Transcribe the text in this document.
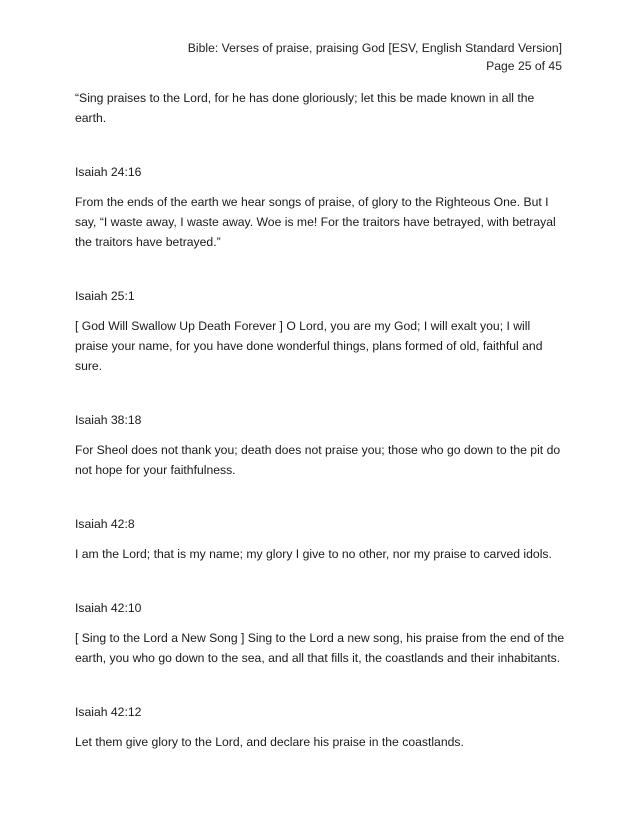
Bible: Verses of praise, praising God [ESV, English Standard Version]
Page 25 of 45

“Sing praises to the Lord, for he has done gloriously; let this be made known in all the earth.

Isaiah 24:16

From the ends of the earth we hear songs of praise, of glory to the Righteous One. But I say, “I waste away, I waste away. Woe is me! For the traitors have betrayed, with betrayal the traitors have betrayed.”

Isaiah 25:1

[ God Will Swallow Up Death Forever ] O Lord, you are my God; I will exalt you; I will praise your name, for you have done wonderful things, plans formed of old, faithful and sure.

Isaiah 38:18

For Sheol does not thank you; death does not praise you; those who go down to the pit do not hope for your faithfulness.

Isaiah 42:8

I am the Lord; that is my name; my glory I give to no other, nor my praise to carved idols.

Isaiah 42:10

[ Sing to the Lord a New Song ] Sing to the Lord a new song, his praise from the end of the earth, you who go down to the sea, and all that fills it, the coastlands and their inhabitants.

Isaiah 42:12

Let them give glory to the Lord, and declare his praise in the coastlands.
